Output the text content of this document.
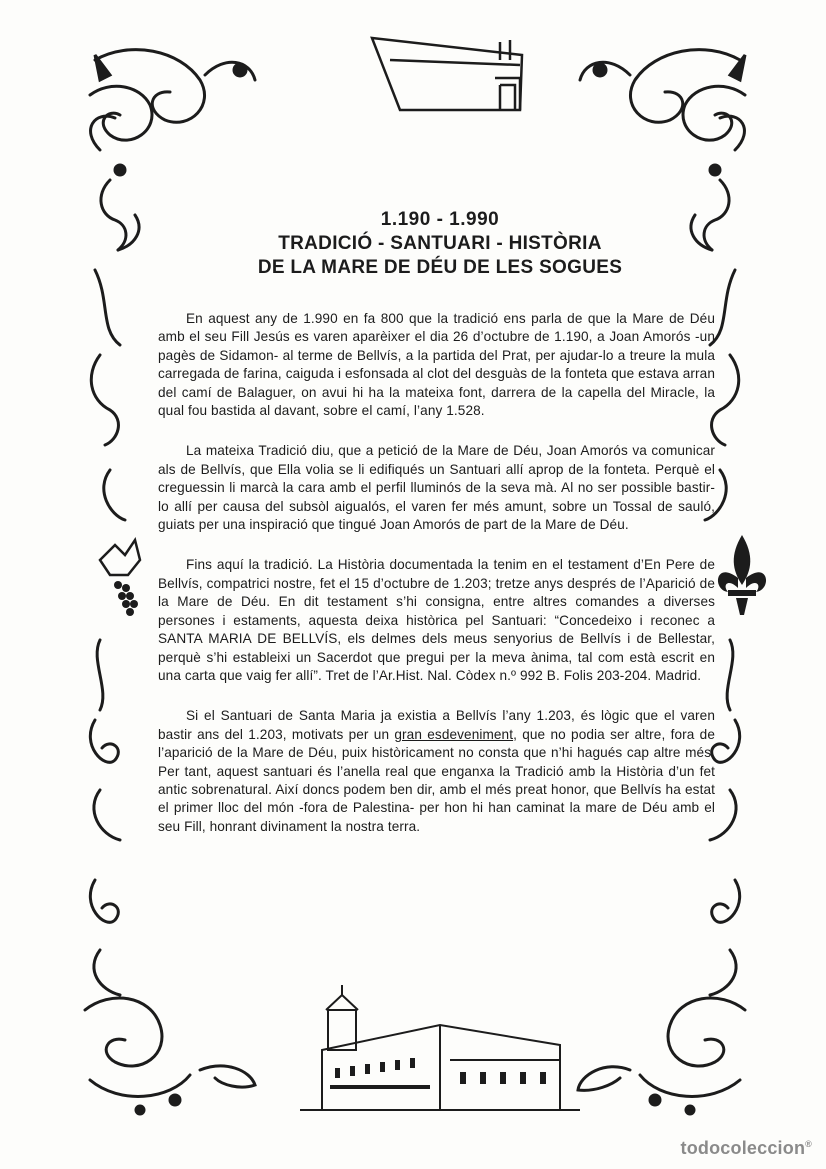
1.190 - 1.990

TRADICIÓ - SANTUARI - HISTÒRIA

DE LA MARE DE DÉU DE LES SOGUES

En aquest any de 1.990 en fa 800 que la tradició ens parla de que la Mare de Déu amb el seu Fill Jesús es varen aparèixer el dia 26 d’octubre de 1.190, a Joan Amorós -un pagès de Sidamon- al terme de Bellvís, a la partida del Prat, per ajudar-lo a treure la mula carregada de farina, caiguda i esfonsada al clot del desguàs de la fonteta que estava arran del camí de Balaguer, on avui hi ha la mateixa font, darrera de la capella del Miracle, la qual fou bastida al davant, sobre el camí, l’any 1.528.

La mateixa Tradició diu, que a petició de la Mare de Déu, Joan Amorós va comunicar als de Bellvís, que Ella volia se li edifiqués un Santuari allí aprop de la fonteta. Perquè el creguessin li marcà la cara amb el perfil lluminós de la seva mà. Al no ser possible bastir-lo allí per causa del subsòl aigualós, el varen fer més amunt, sobre un Tossal de sauló, guiats per una inspiració que tingué Joan Amorós de part de la Mare de Déu.

Fins aquí la tradició. La Història documentada la tenim en el testament d’En Pere de Bellvís, compatrici nostre, fet el 15 d’octubre de 1.203; tretze anys després de l’Aparició de la Mare de Déu. En dit testament s’hi consigna, entre altres comandes a diverses persones i estaments, aquesta deixa històrica pel Santuari: “Concedeixo i reconec a SANTA MARIA DE BELLVÍS, els delmes dels meus senyorius de Bellvís i de Bellestar, perquè s’hi estableixi un Sacerdot que pregui per la meva ànima, tal com està escrit en una carta que vaig fer allí”. Tret de l’Ar.Hist. Nal. Còdex n.º 992 B. Folis 203-204. Madrid.

Si el Santuari de Santa Maria ja existia a Bellvís l’any 1.203, és lògic que el varen bastir ans del 1.203, motivats per un gran esdeveniment, que no podia ser altre, fora de l’aparició de la Mare de Déu, puix històricament no consta que n’hi hagués cap altre més. Per tant, aquest santuari és l’anella real que enganxa la Tradició amb la Història d’un fet antic sobrenatural. Així doncs podem ben dir, amb el més preat honor, que Bellvís ha estat el primer lloc del món -fora de Palestina- per hon hi han caminat la mare de Déu amb el seu Fill, honrant divinament la nostra terra.

todocoleccion®
